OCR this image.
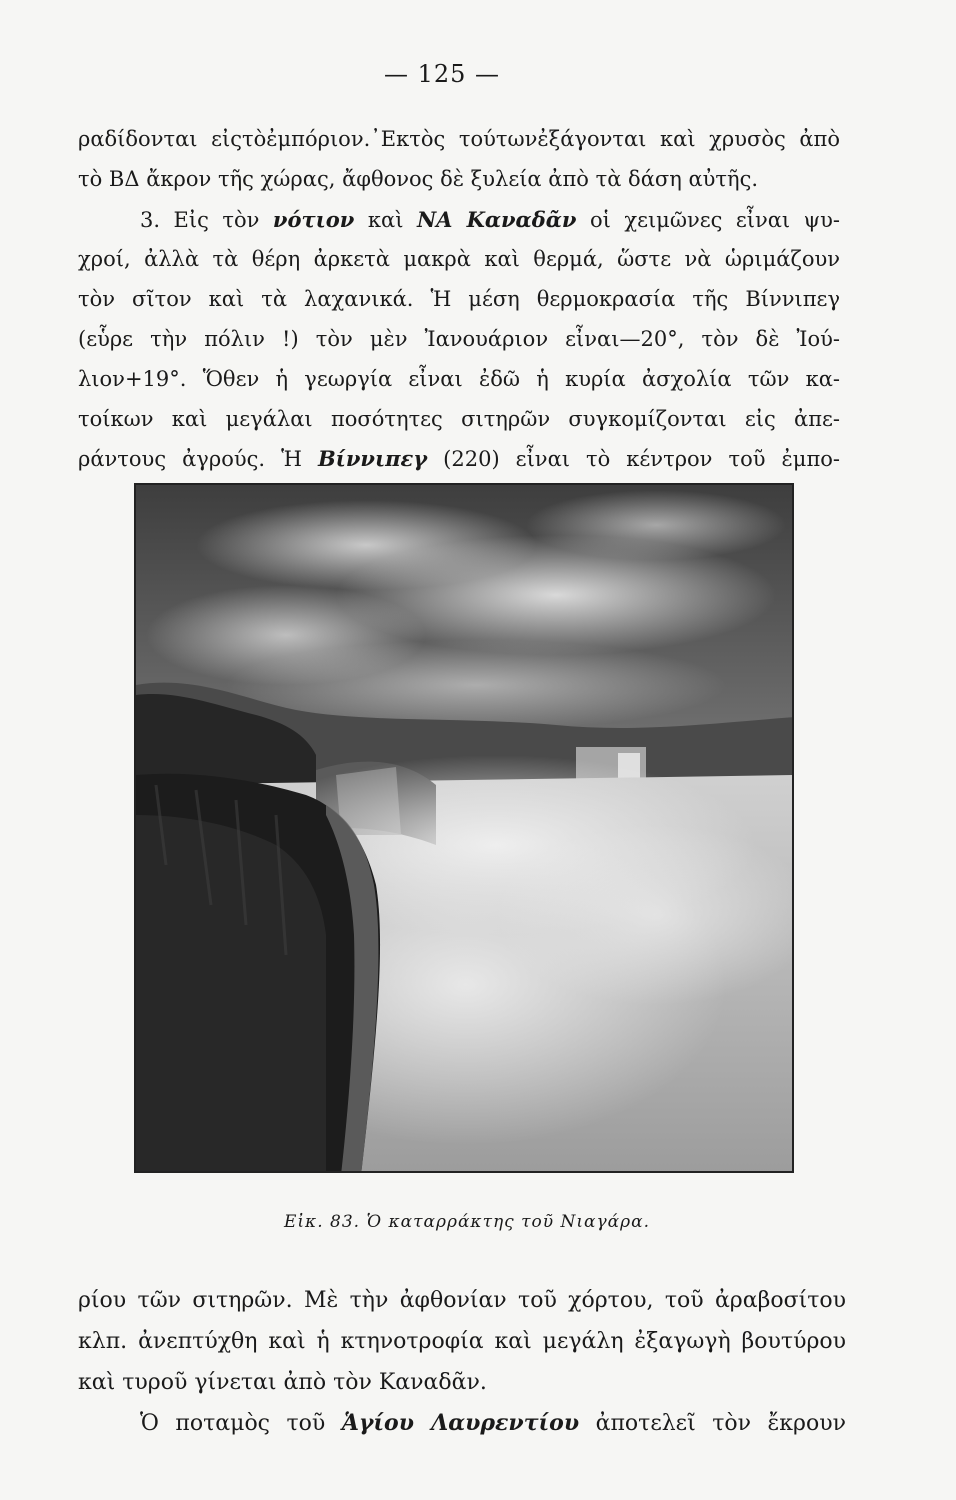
— 125 —
ραδίδονται εἰςτὸἐμπόριον.᾿Εκτὸς τούτωνἐξάγονται καὶ χρυσὸς ἀπὸ
τὸ ΒΔ ἄκρον τῆς χώρας, ἄφθονος δὲ ξυλεία ἀπὸ τὰ δάση αὐτῆς.
3. Εἰς τὸν νότιον καὶ ΝΑ Καναδᾶν οἱ χειμῶνες εἶναι ψυ-
χροί, ἀλλὰ τὰ θέρη ἀρκετὰ μακρὰ καὶ θερμά, ὥστε νὰ ὡριμάζουν
τὸν σῖτον καὶ τὰ λαχανικά. Ἡ μέση θερμοκρασία τῆς Βίννιπεγ
(εὗρε τὴν πόλιν !) τὸν μὲν Ἰανουάριον εἶναι—20°, τὸν δὲ Ἰού-
λιον+19°. Ὅθεν ἡ γεωργία εἶναι ἐδῶ ἡ κυρία ἀσχολία τῶν κα-
τοίκων καὶ μεγάλαι ποσότητες σιτηρῶν συγκομίζονται εἰς ἀπε-
ράντους ἀγρούς. Ἡ Βίννιπεγ (220) εἶναι τὸ κέντρον τοῦ ἐμπο-
Εἰκ. 83. Ὁ καταρράκτης τοῦ Νιαγάρα.
ρίου τῶν σιτηρῶν. Μὲ τὴν ἀφθονίαν τοῦ χόρτου, τοῦ ἀραβοσίτου
κλπ. ἀνεπτύχθη καὶ ἡ κτηνοτροφία καὶ μεγάλη ἐξαγωγὴ βουτύρου
καὶ τυροῦ γίνεται ἀπὸ τὸν Καναδᾶν.
Ὁ ποταμὸς τοῦ Ἁγίου Λαυρεντίου ἀποτελεῖ τὸν ἔκρουν
